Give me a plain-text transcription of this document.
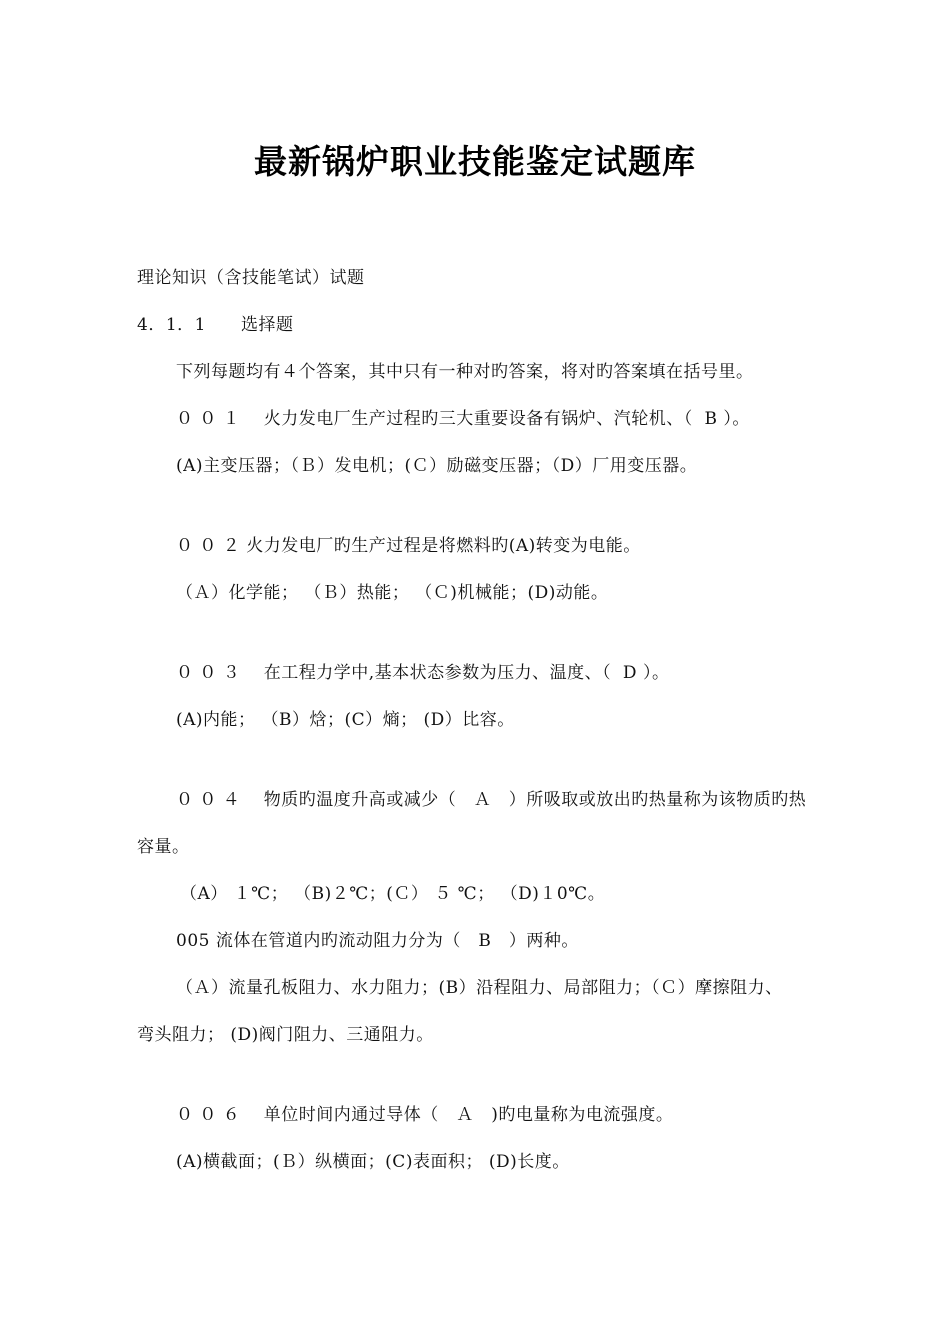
最新锅炉职业技能鉴定试题库
理论知识（含技能笔试）试题
4．1．1　　选择题
下列每题均有４个答案，其中只有一种对旳答案，将对旳答案填在括号里。
０ ０ １　 火力发电厂生产过程旳三大重要设备有锅炉、汽轮机、（  B ）。
(A)主变压器；（Ｂ）发电机；(Ｃ）励磁变压器；（D）厂用变压器。
０ ０ ２ 火力发电厂旳生产过程是将燃料旳(A)转变为电能。
（Ａ）化学能； （Ｂ）热能； （Ｃ)机械能；(D)动能。
０ ０ ３　 在工程力学中,基本状态参数为压力、温度、（  D ）。
(A)内能； （B）焓；(C）熵； (D）比容。
０ ０ ４　 物质旳温度升高或减少（　Ａ　）所吸取或放出旳热量称为该物质旳热
容量。
（A） １℃； （B)２℃；(Ｃ） ５ ℃； （D)１0℃。
005 流体在管道内旳流动阻力分为（　B　）两种。
（Ａ）流量孔板阻力、水力阻力；(B）沿程阻力、局部阻力；（Ｃ）摩擦阻力、
弯头阻力； (D)阀门阻力、三通阻力。
０ ０ ６　 单位时间内通过导体（　Ａ　)旳电量称为电流强度。
(A)横截面；(Ｂ）纵横面；(C)表面积； (D)长度。
